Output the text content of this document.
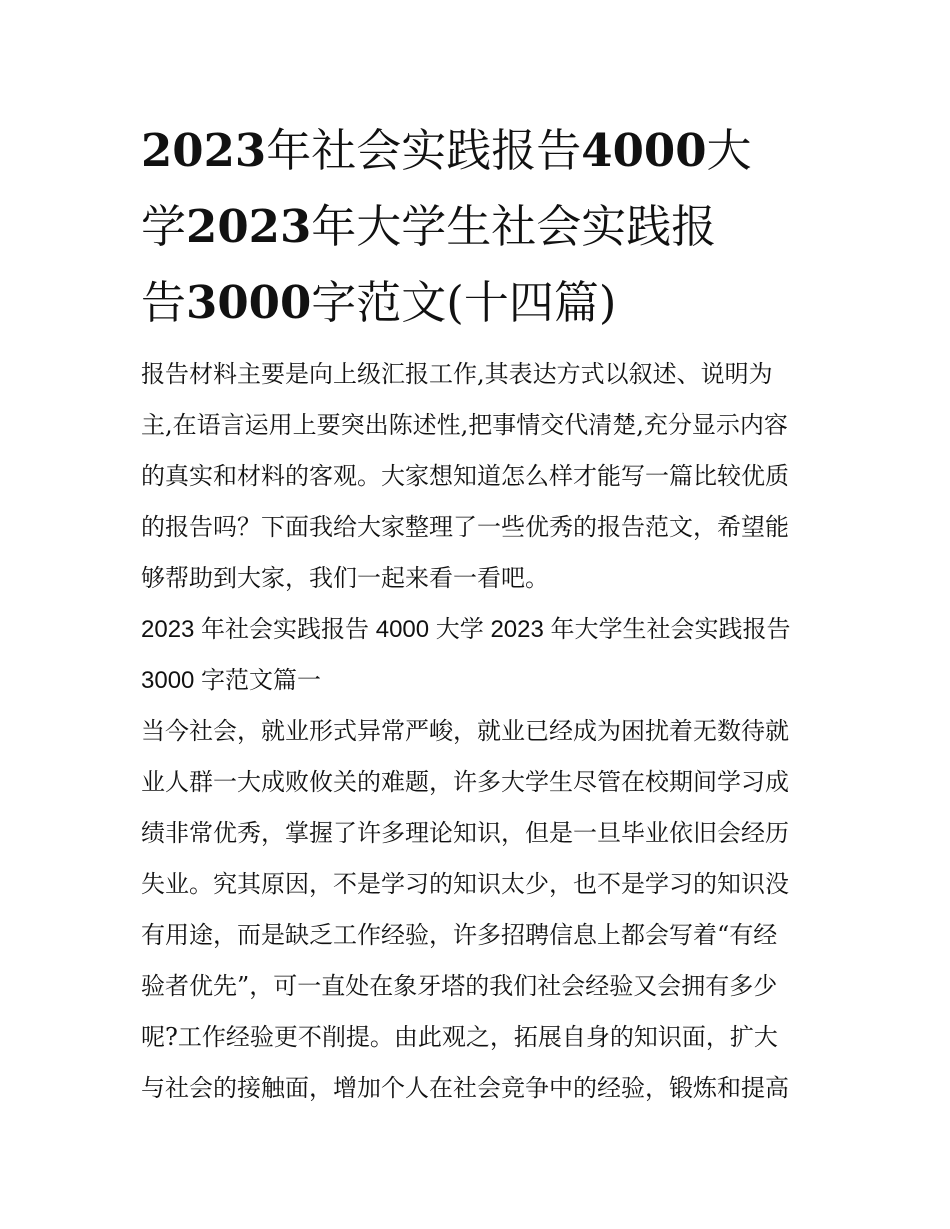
2023年社会实践报告4000大
学2023年大学生社会实践报
告3000字范文(十四篇)
报告材料主要是向上级汇报工作,其表达方式以叙述、说明为
主,在语言运用上要突出陈述性,把事情交代清楚,充分显示内容
的真实和材料的客观。大家想知道怎么样才能写一篇比较优质
的报告吗？下面我给大家整理了一些优秀的报告范文，希望能
够帮助到大家，我们一起来看一看吧。
2023 年社会实践报告 4000 大学 2023 年大学生社会实践报告
3000 字范文篇一
当今社会，就业形式异常严峻，就业已经成为困扰着无数待就
业人群一大成败攸关的难题，许多大学生尽管在校期间学习成
绩非常优秀，掌握了许多理论知识，但是一旦毕业依旧会经历
失业。究其原因，不是学习的知识太少，也不是学习的知识没
有用途，而是缺乏工作经验，许多招聘信息上都会写着“有经
验者优先”，可一直处在象牙塔的我们社会经验又会拥有多少
呢?工作经验更不削提。由此观之，拓展自身的知识面，扩大
与社会的接触面，增加个人在社会竞争中的经验，锻炼和提高
